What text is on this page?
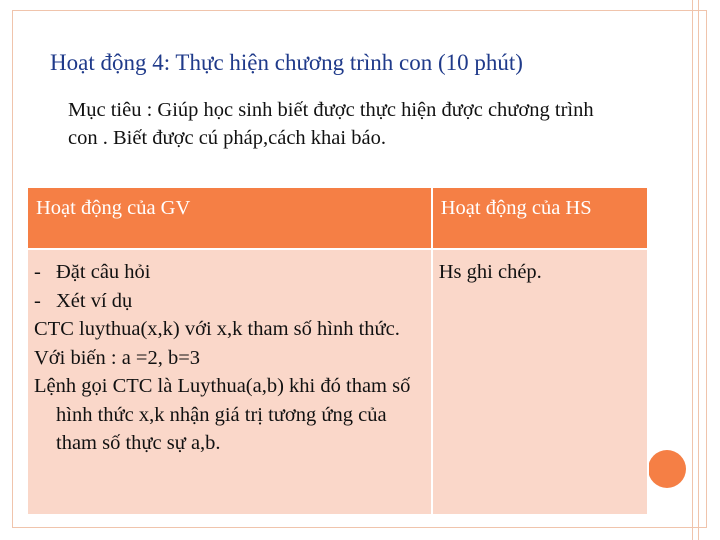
Hoạt động 4: Thực hiện chương trình con (10 phút)
Mục tiêu : Giúp học sinh biết được thực hiện được chương trình con . Biết được cú pháp,cách khai báo.
Hoạt động của GV	Hoạt động của HS

- Đặt câu hỏi
- Xét ví dụ
CTC luythua(x,k) với x,k tham số hình thức.
Với biến : a =2, b=3
Lệnh gọi CTC là Luythua(a,b) khi đó tham số hình thức x,k nhận giá trị tương ứng của tham số thực sự a,b.	Hs ghi chép.
